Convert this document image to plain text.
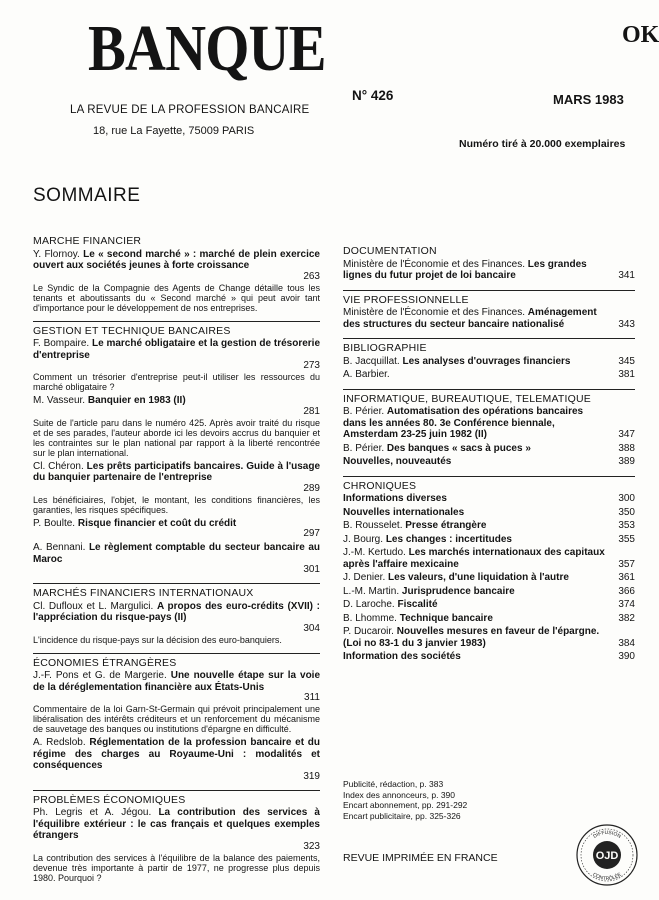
BANQUE	OK
LA REVUE DE LA PROFESSION BANCAIRE
18, rue La Fayette, 75009 PARIS
N° 426	MARS 1983
Numéro tiré à 20.000 exemplaires
SOMMAIRE
MARCHE FINANCIER
Y. Flornoy. Le « second marché » : marché de plein exercice ouvert aux sociétés jeunes à forte croissance
263
Le Syndic de la Compagnie des Agents de Change détaille tous les tenants et aboutissants du « Second marché » qui peut avoir tant d'importance pour le développement de nos entreprises.
GESTION ET TECHNIQUE BANCAIRES
F. Bompaire. Le marché obligataire et la gestion de trésorerie d'entreprise
273
Comment un trésorier d'entreprise peut-il utiliser les ressources du marché obligataire ?
M. Vasseur. Banquier en 1983 (II)
281
Suite de l'article paru dans le numéro 425. Après avoir traité du risque et de ses parades, l'auteur aborde ici les devoirs accrus du banquier et les contraintes sur le plan national par rapport à la liberté rencontrée sur le plan international.
Cl. Chéron. Les prêts participatifs bancaires. Guide à l'usage du banquier partenaire de l'entreprise
289
Les bénéficiaires, l'objet, le montant, les conditions financières, les garanties, les risques spécifiques.
P. Boulte. Risque financier et coût du crédit
297
A. Bennani. Le règlement comptable du secteur bancaire au Maroc
301
MARCHÉS FINANCIERS INTERNATIONAUX
Cl. Dufloux et L. Margulici. A propos des euro-crédits (XVII) : l'appréciation du risque-pays (II)
304
L'incidence du risque-pays sur la décision des euro-banquiers.
ÉCONOMIES ÉTRANGÈRES
J.-F. Pons et G. de Margerie. Une nouvelle étape sur la voie de la déréglementation financière aux États-Unis
311
Commentaire de la loi Garn-St-Germain qui prévoit principalement une libéralisation des intérêts créditeurs et un renforcement du mécanisme de sauvetage des banques ou institutions d'épargne en difficulté.
A. Redslob. Réglementation de la profession bancaire et du régime des charges au Royaume-Uni : modalités et conséquences
319
PROBLÈMES ÉCONOMIQUES
Ph. Legris et A. Jégou. La contribution des services à l'équilibre extérieur : le cas français et quelques exemples étrangers
323
La contribution des services à l'équilibre de la balance des paiements, devenue très importante à partir de 1977, ne progresse plus depuis 1980. Pourquoi ?
DOCUMENTATION
Ministère de l'Économie et des Finances. Les grandes lignes du futur projet de loi bancaire	341
VIE PROFESSIONNELLE
Ministère de l'Économie et des Finances. Aménagement des structures du secteur bancaire nationalisé	343
BIBLIOGRAPHIE
B. Jacquillat. Les analyses d'ouvrages financiers	345
A. Barbier.	381
INFORMATIQUE, BUREAUTIQUE, TELEMATIQUE
B. Périer. Automatisation des opérations bancaires dans les années 80. 3e Conférence biennale, Amsterdam 23-25 juin 1982 (II)	347
B. Périer. Des banques « sacs à puces »	388
Nouvelles, nouveautés	389
CHRONIQUES
Informations diverses	300
Nouvelles internationales	350
B. Rousselet. Presse étrangère	353
J. Bourg. Les changes : incertitudes	355
J.-M. Kertudo. Les marchés internationaux des capitaux après l'affaire mexicaine	357
J. Denier. Les valeurs, d'une liquidation à l'autre	361
L.-M. Martin. Jurisprudence bancaire	366
D. Laroche. Fiscalité	374
B. Lhomme. Technique bancaire	382
P. Ducaroir. Nouvelles mesures en faveur de l'épargne. (Loi no 83-1 du 3 janvier 1983)	384
Information des sociétés	390
Publicité, rédaction, p. 383
Index des annonceurs, p. 390
Encart abonnement, pp. 291-292
Encart publicitaire, pp. 325-326
REVUE IMPRIMÉE EN FRANCE
DIFFUSION
CONTRÔLÉE
OJD
